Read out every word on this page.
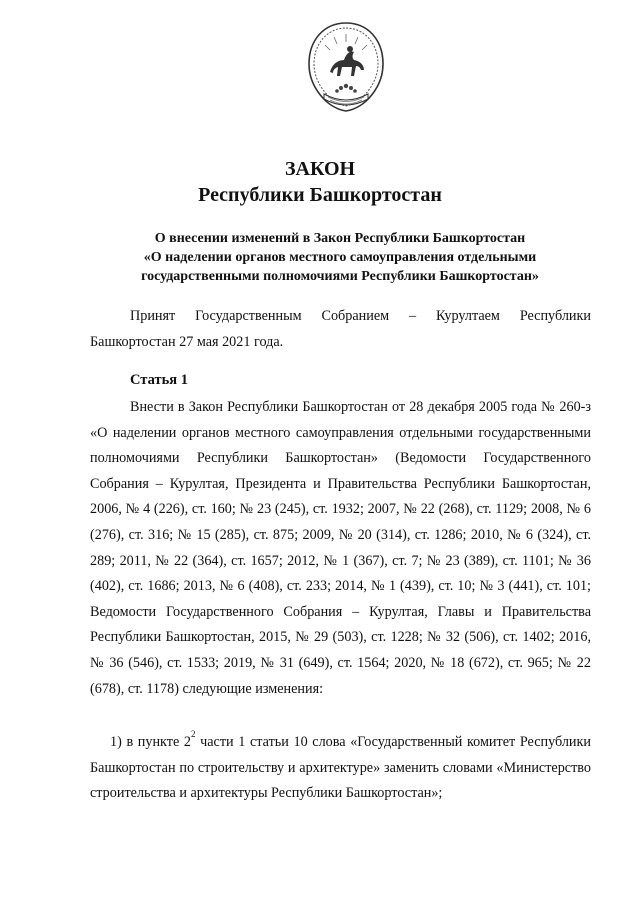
ЗАКОН
Республики Башкортостан
О внесении изменений в Закон Республики Башкортостан
«О наделении органов местного самоуправления отдельными
государственными полномочиями Республики Башкортостан»
Принят Государственным Собранием – Курултаем Республики Башкортостан 27 мая 2021 года.
Статья 1
Внести в Закон Республики Башкортостан от 28 декабря 2005 года № 260-з «О наделении органов местного самоуправления отдельными государственными полномочиями Республики Башкортостан» (Ведомости Государственного Собрания – Курултая, Президента и Правительства Республики Башкортостан, 2006, № 4 (226), ст. 160; № 23 (245), ст. 1932; 2007, № 22 (268), ст. 1129; 2008, № 6 (276), ст. 316; № 15 (285), ст. 875; 2009, № 20 (314), ст. 1286; 2010, № 6 (324), ст. 289; 2011, № 22 (364), ст. 1657; 2012, № 1 (367), ст. 7; № 23 (389), ст. 1101; № 36 (402), ст. 1686; 2013, № 6 (408), ст. 233; 2014, № 1 (439), ст. 10; № 3 (441), ст. 101; Ведомости Государственного Собрания – Курултая, Главы и Правительства Республики Башкортостан, 2015, № 29 (503), ст. 1228; № 32 (506), ст. 1402; 2016, № 36 (546), ст. 1533; 2019, № 31 (649), ст. 1564; 2020, № 18 (672), ст. 965; № 22 (678), ст. 1178) следующие изменения:
1) в пункте $2^2$ части 1 статьи 10 слова «Государственный комитет Республики Башкортостан по строительству и архитектуре» заменить словами «Министерство строительства и архитектуры Республики Башкортостан»;
